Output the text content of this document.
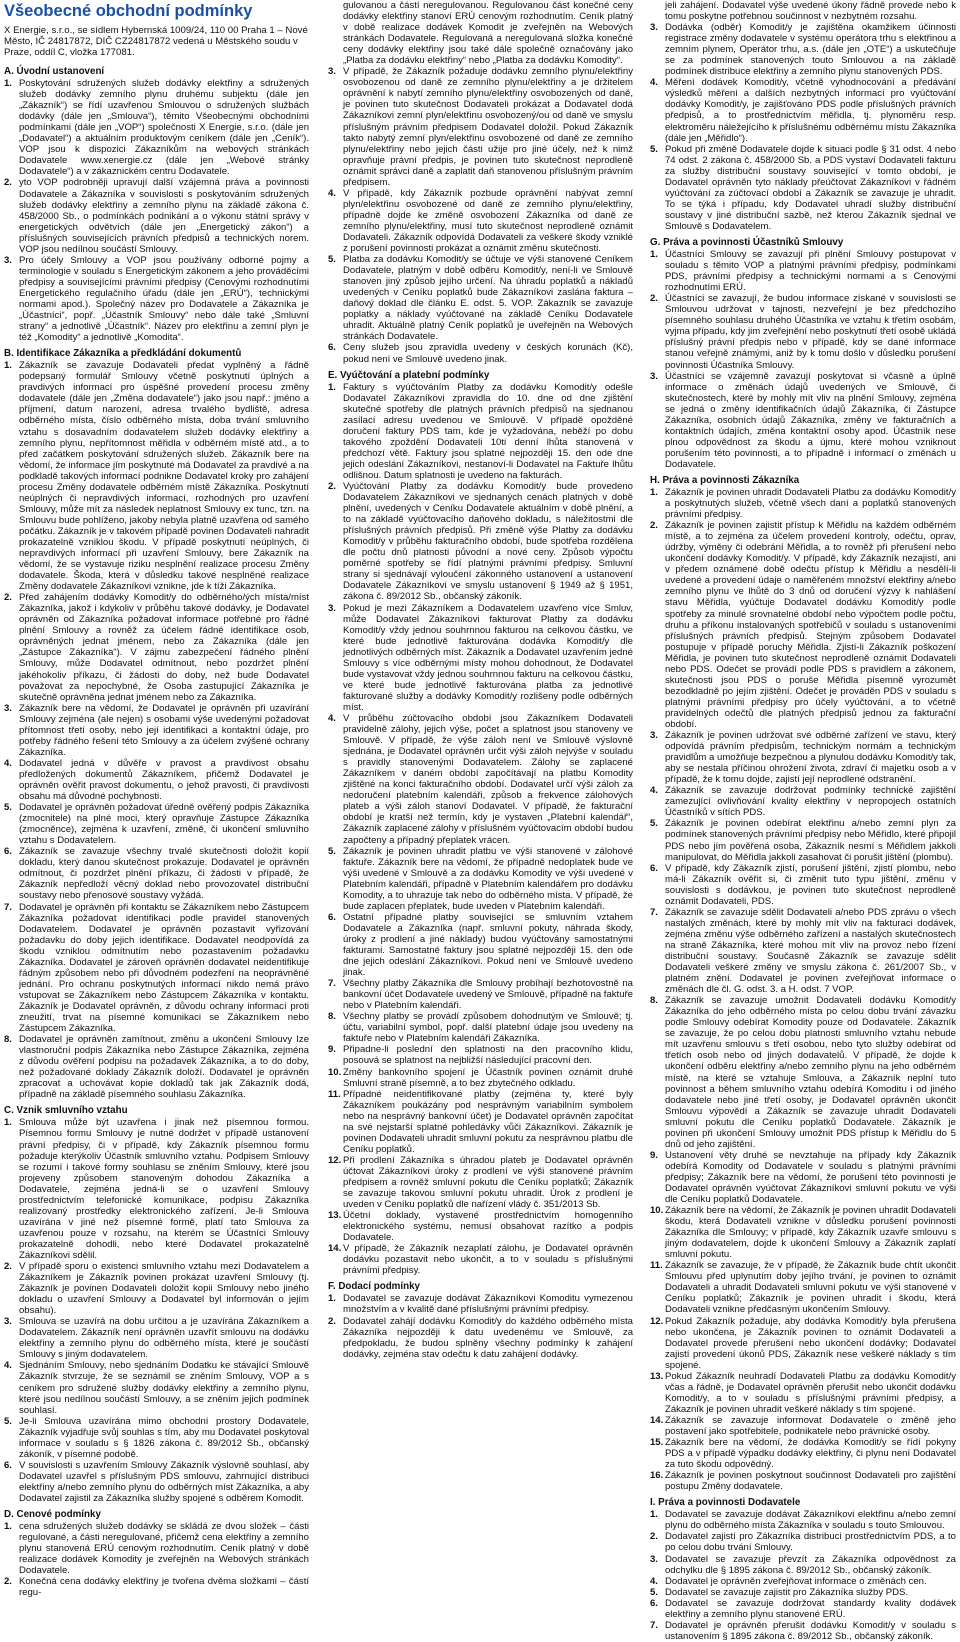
Všeobecné obchodní podmínky

X Energie, s.r.o., se sídlem Hybernská 1009/24, 110 00 Praha 1 – Nové Město, IČ 24817872, DIČ CZ24817872 vedená u Městského soudu v Praze, oddíl C, vložka 177081.

A. Úvodní ustanovení
1. Poskytování sdružených služeb dodávky elektřiny a sdružených služeb dodávky zemního plynu druhému subjektu (dále jen „Zákazník“) se řídí uzavřenou Smlouvou o sdružených službách dodávky (dále jen „Smlouva“), těmito Všeobecnými obchodními podmínkami (dále jen „VOP“) společnosti X Energie, s.r.o. (dále jen „Dodavatel“) a aktuálním produktovým ceníkem (dále jen „Ceník“). VOP jsou k dispozici Zákazníkům na webových stránkách Dodavatele www.xenergie.cz (dále jen „Webové stránky Dodavatele“) a v zákaznickém centru Dodavatele.
2. yto VOP podrobněji upravují další vzájemná práva a povinnosti Dodavatele a Zákazníka v souvislosti s poskytováním sdružených služeb dodávky elektřiny a zemního plynu na základě zákona č. 458/2000 Sb., o podmínkách podnikání a o výkonu státní správy v energetických odvětvích (dále jen „Energetický zákon“) a příslušných souvisejících právních předpisů a technických norem. VOP jsou nedílnou součástí Smlouvy.
3. Pro účely Smlouvy a VOP jsou používány odborné pojmy a terminologie v souladu s Energetickým zákonem a jeho prováděcími předpisy a souvisejícími právními předpisy (Cenovými rozhodnutími Energetického regulačního úřadu (dále jen „ERÚ“), technickými normami apod.). Společný název pro Dodavatele a Zákazníka je „Účastníci“, popř. „Účastník Smlouvy“ nebo dále také „Smluvní strany“ a jednotlivě „Účastník“. Název pro elektřinu a zemní plyn je též „Komodity“ a jednotlivě „Komodita“.
B. Identifikace Zákazníka a předkládání dokumentů
1. Zákazník se zavazuje Dodavateli předat vyplněný a řádně podepsaný formulář Smlouvy včetně poskytnutí úplných a pravdivých informací pro úspěšné provedení procesu změny dodavatele (dále jen „Změna dodavatele“) jako jsou např.: jméno a příjmení, datum narození, adresa trvalého bydliště, adresa odběrného místa, číslo odběrného místa, doba trvání smluvního vztahu s dosavadním dodavatelem služeb dodávky elektřiny a zemního plynu, nepřítomnost měřidla v odběrném místě atd., a to před začátkem poskytování sdružených služeb. Zákazník bere na vědomí, že informace jím poskytnuté má Dodavatel za pravdivé a na podkladě takových informací podnikne Dodavatel kroky pro zahájení procesu Změny dodavatele odběrném místě Zákazníka. Poskytnutí neúplných či nepravdivých informací, rozhodných pro uzavření Smlouvy, může mít za následek neplatnost Smlouvy ex tunc, tzn. na Smlouvu bude pohlíženo, jakoby nebyla platně uzavřena od samého počátku. Zákazník je v takovém případě povinen Dodavateli nahradit prokazatelně vzniklou škodu. V případě poskytnutí neúplných, či nepravdivých informací při uzavření Smlouvy, bere Zákazník na vědomí, že se vystavuje riziku nesplnění realizace procesu Změny dodavatele. Škoda, která v důsledku takové nesplněné realizace Změny dodavatele Zákazníkovi vznikne, jde k tíži Zákazníka.
2. Před zahájením dodávky Komodit/y do odběrného/ých místa/míst Zákazníka, jakož i kdykoliv v průběhu takové dodávky, je Dodavatel oprávněn od Zákazníka požadovat informace potřebné pro řádné plnění Smlouvy a rovněž za účelem řádné identifikace osob, oprávněných jednat jménem, nebo za Zákazníka (dále jen „Zástupce Zákazníka“). V zájmu zabezpečení řádného plnění Smlouvy, může Dodavatel odmítnout, nebo pozdržet plnění jakéhokoliv příkazu, či žádosti do doby, než bude Dodavatel považovat za nepochybné, že Osoba zastupující Zákazníka je skutečně oprávněna jednat jménem nebo za Zákazníka.
3. Zákazník bere na vědomí, že Dodavatel je oprávněn při uzavírání Smlouvy zejména (ale nejen) s osobami výše uvedenými požadovat přítomnost třetí osoby, nebo její identifikaci a kontaktní údaje, pro potřeby řádného řešení této Smlouvy a za účelem zvýšené ochrany Zákazníka.
4. Dodavatel jedná v důvěře v pravost a pravdivost obsahu předložených dokumentů Zákazníkem, přičemž Dodavatel je oprávněn ověřit pravost dokumentu, o jehož pravosti, či pravdivosti obsahu má důvodné pochybnosti.
5. Dodavatel je oprávněn požadovat úředně ověřený podpis Zákazníka (zmocnitele) na plné moci, který opravňuje Zástupce Zákazníka (zmocněnce), zejména k uzavření, změně, či ukončení smluvního vztahu s Dodavatelem.
6. Zákazník se zavazuje všechny trvalé skutečnosti doložit kopií dokladu, který danou skutečnost prokazuje. Dodavatel je oprávněn odmítnout, či pozdržet plnění příkazu, či žádosti v případě, že Zákazník nepředloží věcný doklad nebo provozovatel distribuční soustavy nebo přenosové soustavy vyžádá.
7. Dodavatel je oprávněn při kontaktu se Zákazníkem nebo Zástupcem Zákazníka požadovat identifikaci podle pravidel stanovených Dodavatelem. Dodavatel je oprávněn pozastavit vyřizování požadavku do doby jejich identifikace. Dodavatel neodpovídá za škodu vzniklou odmítnutím nebo pozastavením požadavku Zákazníka. Dodavatel je zároveň oprávněn dodavatel neidentifikuje řádným způsobem nebo při důvodném podezření na neoprávněné jednání. Pro ochranu poskytnutých informací nikdo nemá právo vstupovat se Zákazníkem nebo Zástupcem Zákazníka v kontaktu. Zákazník je Dodavatel oprávněn, z důvodu ochrany informací proti zneužití, trvat na písemné komunikaci se Zákazníkem nebo Zástupcem Zákazníka.
8. Dodavatel je oprávněn zamítnout, změnu a ukončení Smlouvy Ize vlastnoruční podpis Zákazníka nebo Zástupce Zákazníka, zejména z důvodu ověření podpisu na požadavek Zákazníka, a to do doby, než požadované doklady Zákazník doloží. Dodavatel je oprávněn zpracovat a uchovávat kopie dokladů tak jak Zákazník dodá, případně na základě písemného souhlasu Zákazníka.
C. Vznik smluvního vztahu
1. Smlouva může být uzavřena i jinak než písemnou formou. Písemnou formu Smlouvy je nutné dodržet v případě ustanovení právní předpisy, či v případě, kdy Zákazník písemnou formu požaduje kterýkoliv Účastník smluvního vztahu. Podpisem Smlouvy se rozumí i takové formy souhlasu se zněním Smlouvy, které jsou projeveny způsobem stanoveným dohodou Zákazníka a Dodavatele, zejména jedná-li se o uzavření Smlouvy prostřednictvím telefonické komunikace, podpisu Zákazníka realizovaný prostředky elektronického zařízení. Je-li Smlouva uzavírána v jiné než písemné formě, platí tato Smlouva za uzavřenou pouze v rozsahu, na kterém se Účastníci Smlouvy prokazatelně dohodli, nebo které Dodavatel prokazatelně Zákazníkovi sdělil.
2. V případě sporu o existenci smluvního vztahu mezi Dodavatelem a Zákazníkem je Zákazník povinen prokázat uzavření Smlouvy (tj. Zákazník je povinen Dodavateli doložit kopii Smlouvy nebo jiného dokladu o uzavření Smlouvy a Dodavatel byl informován o jejím obsahu).
3. Smlouva se uzavírá na dobu určitou a je uzavírána Zákazníkem a Dodavatelem. Zákazník není oprávněn uzavřít smlouvu na dodávku elektřiny a zemního plynu do odběrného místa, které je součástí Smlouvy s jiným dodavatelem.
4. Sjednáním Smlouvy, nebo sjednáním Dodatku ke stávající Smlouvě Zákazník stvrzuje, že se seznámil se zněním Smlouvy, VOP a s ceníkem pro sdružené služby dodávky elektřiny a zemního plynu, které jsou nedílnou součástí Smlouvy, a se zněním jejich podmínek souhlasí.
5. Je-li Smlouva uzavírána mimo obchodní prostory Dodavatele, Zákazník vyjadřuje svůj souhlas s tím, aby mu Dodavatel poskytoval informace v souladu s § 1826 zákona č. 89/2012 Sb., občanský zákoník, v písemné podobě.
6. V souvislosti s uzavřením Smlouvy Zákazník výslovně souhlasí, aby Dodavatel uzavřel s příslušným PDS smlouvu, zahrnující distribuci elektřiny a/nebo zemního plynu do odběrných míst Zákazníka, a aby Dodavatel zajistil za Zákazníka služby spojené s odběrem Komodit.
D. Cenové podmínky
1. cena sdružených služeb dodávky se skládá ze dvou složek – části regulované, a části neregulované, přičemž cena elektřiny a zemního plynu stanovená ERÚ cenovým rozhodnutím. Ceník platný v době realizace dodávek Komodity je zveřejněn na Webových stránkách Dodavatele.
2. Konečná cena dodávky elektřiny je tvořena dvěma složkami – částí regu-

gulovanou a částí neregulovanou. Regulovanou část konečné ceny dodávky elektřiny stanoví ERÚ cenovým rozhodnutím. Ceník platný v době realizace dodávek Komodit je zveřejněn na Webových stránkách Dodavatele. Regulovaná a neregulovaná složka konečné ceny dodávky elektřiny jsou také dále společně označovány jako „Platba za dodávku elektřiny“ nebo „Platba za dodávku Komodity“.

3. V případě, že Zákazník požaduje dodávku zemního plynu/elektřiny osvobozenou od daně ze zemního plynu/elektřiny a je držitelem oprávnění k nabytí zemního plynu/elektřiny osvobozených od daně, je povinen tuto skutečnost Dodavateli prokázat a Dodavatel dodá Zákazníkovi zemní plyn/elektřinu osvobozený/ou od daně ve smyslu příslušným právním předpisem Dodavatel doložil. Pokud Zákazník takto nabytý zemní plyn/elektřinu osvobozené od daně ze zemního plynu/elektřiny nebo jejich části užije pro jiné účely, než k nimž opravňuje právní předpis, je povinen tuto skutečnost neprodleně oznámit správci daně a zaplatit daň stanovenou příslušným právním předpisem.
4. V případě, kdy Zákazník pozbude oprávnění nabývat zemní plyn/elektřinu osvobozené od daně ze zemního plynu/elektřiny, případně dojde ke změně osvobození Zákazníka od daně ze zemního plynu/elektřiny, musí tuto skutečnost neprodleně oznámit Dodavateli. Zákazník odpovídá Dodavateli za veškeré škody vzniklé z porušení povinnosti prokázat a oznámit změnu skutečnosti.
5. Platba za dodávku Komodit/y se účtuje ve výši stanovené Ceníkem Dodavatele, platným v době odběru Komodit/y, není-li ve Smlouvě stanoven jiný způsob jejího určení. Na úhradu poplatků a nákladů uvedených v Ceníku poplatků bude Zákazníkovi zaslána faktura – daňový doklad dle článku E. odst. 5. VOP. Zákazník se zavazuje poplatky a náklady vyúčtované na základě Ceníku Dodavatele uhradit. Aktuálně platný Ceník poplatků je uveřejněn na Webových stránkách Dodavatele.
6. Ceny služeb jsou zpravidla uvedeny v českých korunách (Kč), pokud není ve Smlouvě uvedeno jinak.
E. Vyúčtování a platební podmínky
1. Faktury s vyúčtováním Platby za dodávku Komodit/y odešle Dodavatel Zákazníkovi zpravidla do 10. dne od dne zjištění skutečné spotřeby dle platných právních předpisů na sjednanou zasílací adresu uvedenou ve Smlouvě. V případě opožděné doručení faktury PDS tam, kde je vyžadována, neběží po dobu takového zpoždění Dodavateli 10ti denní lhůta stanovená v předchozí větě. Faktury jsou splatné nejpozději 15. den ode dne jejich odeslání Zákazníkovi, nestanoví-li Dodavatel na Faktuře lhůtu odlišnou. Datum splatnosti je uvedeno na fakturách.
2. Vyúčtování Platby za dodávku Komodit/y bude provedeno Dodavatelem Zákazníkovi ve sjednaných cenách platných v době plnění, uvedených v Ceníku Dodavatele aktuálním v době plnění, a to na základě vyúčtovacího daňového dokladu, s náležitostmi dle příslušných právních předpisů. Při změně výše Platby za dodávku Komodit/y v průběhu fakturačního období, bude spotřeba rozdělena dle počtu dnů platnosti původní a nové ceny. Způsob výpočtu poměrné spotřeby se řídí platnými právními předpisy. Smluvní strany si sjednávají vyloučení zákonného ustanovení a ustanovení Dodavatele Zákazníkovi ve smyslu ustanovení § 1949 až § 1951, zákona č. 89/2012 Sb., občanský zákoník.
3. Pokud je mezi Zákazníkem a Dodavatelem uzavřeno více Smluv, může Dodavatel Zákazníkovi fakturovat Platby za dodávku Komodit/y vždy jednou souhrnnou fakturou na celkovou částku, ve které bude jednotlivě fakturována dodávka Komodit/y dle jednotlivých odběrných míst. Zákazník a Dodavatel uzavřením jedné Smlouvy s více odběrnými místy mohou dohodnout, že Dodavatel bude vystavovat vždy jednou souhrnnou fakturu na celkovou částku, ve které bude jednotlivě fakturována platba za jednotlivé fakturované služby a dodávky Komodit/y rozlišeny podle odběrných míst.
4. V průběhu zúčtovacího období jsou Zákazníkem Dodavateli pravidelně zálohy, jejich výše, počet a splatnost jsou stanoveny ve Smlouvě. V případě, že výše záloh není ve Smlouvě výslovně sjednána, je Dodavatel oprávněn určit výši záloh nejvýše v souladu s pravidly stanovenými Dodavatelem. Zálohy se zaplacené Zákazníkem v daném období započítávají na platbu Komodity zjištěné na konci fakturačního období. Dodavatel určí výši záloh za nedoručení platebním kalendáři, způsob a frekvence zálohových plateb a výši záloh stanoví Dodavatel. V případě, že fakturační období je kratší než termín, kdy je vystaven „Platební kalendář“, Zákazník zaplacené zálohy v příslušném vyúčtovacím období budou započteny a případný přeplatek vrácen.
5. Zákazník je povinen uhradit platbu ve výši stanovené v zálohové faktuře. Zákazník bere na vědomí, že případně nedoplatek bude ve výši uvedené v Smlouvě a za dodávku Komodity ve výši uvedené v Platebním kalendáři, případně v Platebním kalendářem pro dodávku Komodity, a to uhrazuje tak nebo do odběrného místa. V případě, že bude zaplacen přeplatek, bude uveden v Platebním kalendáři.
6. Ostatní případné platby související se smluvním vztahem Dodavatele a Zákazníka (např. smluvní pokuty, náhrada škody, úroky z prodlení a jiné náklady) budou vyúčtovány samostatnými fakturami. Samostatné faktury jsou splatné nejpozději 15. den ode dne jejich odeslání Zákazníkovi. Pokud není ve Smlouvě uvedeno jinak.
7. Všechny platby Zákazníka dle Smlouvy probíhají bezhotovostně na bankovní účet Dodavatele uvedený ve Smlouvě, případně na faktuře nebo v Platebním kalendáři.
8. Všechny platby se provádí způsobem dohodnutým ve Smlouvě; tj. účtu, variabilní symbol, popř. další platební údaje jsou uvedeny na faktuře nebo v Platebním kalendáři Zákazníka.
9. Připadne-li poslední den splatnosti na den pracovního klidu, posouvá se splatnost na nejbližší následující pracovní den.
10. Změny bankovního spojení je Účastník povinen oznámit druhé Smluvní straně písemně, a to bez zbytečného odkladu.
11. Případné neidentifikované platby (zejména ty, které byly Zákazníkem poukázány pod nesprávným variabilním symbolem nebo na nesprávný bankovní účet) je Dodavatel oprávněn započítat na své nejstarší splatné pohledávky vůči Zákazníkovi. Zákazník je povinen Dodavateli uhradit smluvní pokutu za nesprávnou platbu dle Ceníku poplatků.
12. Při prodlení Zákazníka s úhradou plateb je Dodavatel oprávněn účtovat Zákazníkovi úroky z prodlení ve výši stanovené právním předpisem a rovněž smluvní pokutu dle Ceníku poplatků; Zákazník se zavazuje takovou smluvní pokutu uhradit. Úrok z prodlení je uveden v Ceníku poplatků dle nařízení vlády č. 351/2013 Sb.
13. Účetní doklady, vystavené prostřednictvím homogenního elektronického systému, nemusí obsahovat razítko a podpis Dodavatele.
14. V případě, že Zákazník nezaplatí zálohu, je Dodavatel oprávněn dodávku pozastavit nebo ukončit, a to v souladu s příslušnými právními předpisy.
F. Dodací podmínky
1. Dodavatel se zavazuje dodávat Zákazníkovi Komoditu vymezenou množstvím a v kvalitě dané příslušnými právními předpisy.
2. Dodavatel zahájí dodávku Komodit/y do každého odběrného místa Zákazníka nejpozději k datu uvedenému ve Smlouvě, za předpokladu, že budou splněny všechny podmínky k zahájení dodávky, zejména stav odečtu k datu zahájení dodávky.

jeli zahájení. Dodavatel výše uvedené úkony řádně provede nebo k tomu poskytne potřebnou součinnost v nezbytném rozsahu.

3. Dodávka (odběr) Komodit/y je zajištěna okamžikem účinnosti registrace změny dodavatele v systému operátora trhu s elektřinou a zemním plynem, Operátor trhu, a.s. (dále jen „OTE“) a uskutečňuje se za podmínek stanovených touto Smlouvou a na základě podmínek distribuce elektřiny a zemního plynu stanovených PDS.
4. Měření dodávek Komodit/y, včetně vyhodnocování a předávání výsledků měření a dalších nezbytných informací pro vyúčtování dodávky Komodit/y, je zajišťováno PDS podle příslušných právních předpisů, a to prostřednictvím měřidla, tj. plynoměru resp. elektroměru náležejícího k příslušnému odběrnému místu Zákazníka (dále jen „Měřidlo“).
5. Pokud při změně Dodavatele dojde k situaci podle § 31 odst. 4 nebo 74 odst. 2 zákona č. 458/2000 Sb. a PDS vystaví Dodavateli fakturu za služby distribuční soustavy související v tomto období, je Dodavatel oprávněn tyto náklady přeúčtovat Zákazníkovi v řádném vyúčtování za zúčtovací období a Zákazník se zavazuje je uhradit. To se týká i případu, kdy Dodavatel uhradí služby distribuční soustavy v jiné distribuční sazbě, než kterou Zákazník sjednal ve Smlouvě s Dodavatelem.
G. Práva a povinnosti Účastníků Smlouvy
1. Účastníci Smlouvy se zavazují při plnění Smlouvy postupovat v souladu s těmito VOP a platnými právními předpisy, podmínkami PDS, právními předpisy a technickými normami a s Cenovými rozhodnutími ERÚ.
2. Účastníci se zavazují, že budou informace získané v souvislosti se Smlouvou udržovat v tajnosti, nezveřejní je bez předchozího písemného souhlasu druhého Účastníka ve vztahu k třetím osobám, vyjma případu, kdy jim zveřejnění nebo poskytnutí třetí osobě ukládá příslušný právní předpis nebo v případě, kdy se dané informace stanou veřejně známými, aniž by k tomu došlo v důsledku porušení povinnosti Účastníka Smlouvy.
3. Účastníci se vzájemně zavazují poskytovat si včasně a úplně informace o změnách údajů uvedených ve Smlouvě, či skutečnostech, které by mohly mít vliv na plnění Smlouvy, zejména se jedná o změny identifikačních údajů Zákazníka, či Zástupce Zákazníka, osobních údajů Zákazníka, změny ve fakturačních a kontaktních údajích, změna kontaktní osoby apod. Účastník nese plnou odpovědnost za škodu a újmu, které mohou vzniknout porušením této povinnosti, a to případně i informací o změnách u Dodavatele.
H. Práva a povinnosti Zákazníka
1. Zákazník je povinen uhradit Dodavateli Platbu za dodávku Komodit/y a poskytnutých služeb, včetně všech daní a poplatků stanovených právními předpisy.
2. Zákazník je povinen zajistit přístup k Měřidlu na každém odběrném místě, a to zejména za účelem provedení kontroly, odečtu, oprav, údržby, výměny či odebrání Měřidla, a to rovněž při přerušení nebo ukončení dodávky Komodit/y. V případě, kdy Zákazník nezajistí, ani v předem oznámené době odečtu přístup k Měřidlu a nesdělí-li uvedené a provedení údaje o naměřeném množství elektřiny a/nebo zemního plynu ve lhůtě do 3 dnů od doručení výzvy k nahlášení stavu Měřidla, vyúčtuje Dodavatel dodávku Komodit/y podle spotřeby za minulé srovnatelné období nebo výpočtem podle počtu, druhu a příkonu instalovaných spotřebičů v souladu s ustanoveními příslušných právních předpisů. Stejným způsobem Dodavatel postupuje v případě poruchy Měřidla. Zjistí-li Zákazník poškození Měřidla, je povinen tuto skutečnost neprodleně oznámit Dodavateli nebo PDS. Odečet se provádí podle PDS s pravidlem a zákonem, skutečnosti jsou PDS o poruše Měřidla písemně vyrozumět bezodkladně po jejím zjištění. Odečet je prováděn PDS v souladu s platnými právními předpisy pro účely vyúčtování, a to včetně pravidelných odečtů dle platných předpisů jednou za fakturační období.
3. Zákazník je povinen udržovat své odběrné zařízení ve stavu, který odpovídá právním předpisům, technickým normám a technickým pravidlům a umožňuje bezpečnou a plynulou dodávku Komodit/y tak, aby se nestala příčinou ohrožení života, zdraví či majetku osob a v případě, že k tomu dojde, zajistí její neprodlené odstranění.
4. Zákazník se zavazuje dodržovat podmínky technické zajištění zamezující ovlivňování kvality elektřiny v nepropojech ostatních Účastníků v sítích PDS.
5. Zákazník je povinen odebírat elektřinu a/nebo zemní plyn za podmínek stanovených právními předpisy nebo Měřidlo, které připojil PDS nebo jím pověřená osoba, Zákazník nesmí s Měřidlem jakkoli manipulovat, do Měřidla jakkoli zasahovat či porušit jištění (plombu).
6. V případě, kdy Zákazník zjistí, porušení jištění, zjistí plombu, nebo má-li Zákazník ověřit si, či změnit tuto typu jištění, změnu v souvislosti s dodávkou, je povinen tuto skutečnost neprodleně oznámit Dodavateli, PDS.
7. Zákazník se zavazuje sdělit Dodavateli a/nebo PDS zprávu o všech nastalých změnách, které by mohly mít vliv na fakturaci dodávek, zejména změnu výše odběrného zařízení a nastalých skutečnostech na straně Zákazníka, které mohou mít vliv na provoz nebo řízení distribuční soustavy. Současně Zákazník se zavazuje sdělit Dodavateli veškeré změny ve smyslu zákona č. 261/2007 Sb., v platném znění. Dodavatel je povinen zveřejňovat informace o změnách dle čl. G. odst. 3. a H. odst. 7 VOP.
8. Zákazník se zavazuje umožnit Dodavateli dodávku Komodit/y Zákazníka do jeho odběrného místa po celou dobu trvání závazku podle Smlouvy odebírat Komodity pouze od Dodavatele. Zákazník se zavazuje, že po celou dobu platnosti smluvního vztahu nebude mít uzavřenu smlouvu s třetí osobou, nebo tyto služby odebírat od třetích osob nebo od jiných dodavatelů. V případě, že dojde k ukončení odběru elektřiny a/nebo zemního plynu na jeho odběrném místě, na které se vztahuje Smlouva, a Zákazník neplní tuto povinnost a během smluvního vztahu odebírá Komoditu i od jiného dodavatele nebo jiné třetí osoby, je Dodavatel oprávněn ukončit Smlouvu výpovědí a Zákazník se zavazuje uhradit Dodavateli smluvní pokutu dle Ceníku poplatků Dodavatele. Zákazník je povinen při ukončení Smlouvy umožnit PDS přístup k Měřidlu do 5 dnů od jeho zajištění.
9. Ustanovení věty druhé se nevztahuje na případy kdy Zákazník odebírá Komodity od Dodavatele v souladu s platnými právními předpisy; Zákazník bere na vědomí, že porušení této povinnosti je Dodavatel oprávněn vyúčtovat Zákazníkovi smluvní pokutu ve výši dle Ceníku poplatků Dodavatele.
10. Zákazník bere na vědomí, že Zákazník je povinen uhradit Dodavateli škodu, která Dodavateli vznikne v důsledku porušení povinnosti Zákazníka dle Smlouvy; v případě, kdy Zákazník uzavře smlouvu s jiným dodavatelem, dojde k ukončení Smlouvy a Zákazník zaplatí smluvní pokutu.
11. Zákazník se zavazuje, že v případě, že Zákazník bude chtít ukončit Smlouvu před uplynutím doby jejího trvání, je povinen to oznámit Dodavateli a uhradit Dodavateli smluvní pokutu ve výši stanovené v Ceníku poplatků; Zákazník je povinen uhradit i škodu, která Dodavateli vznikne předčasným ukončením Smlouvy.
12. Pokud Zákazník požaduje, aby dodávka Komodit/y byla přerušena nebo ukončena, je Zákazník povinen to oznámit Dodavateli a Dodavatel provede přerušení nebo ukončení dodávky; Dodavatel zajistí provedení úkonů PDS, Zákazník nese veškeré náklady s tím spojené.
13. Pokud Zákazník neuhradí Dodavateli Platbu za dodávku Komodit/y včas a řádně, je Dodavatel oprávněn přerušit nebo ukončit dodávku Komodit/y, a to v souladu s příslušnými právními předpisy, a Zákazník je povinen uhradit veškeré náklady s tím spojené.
14. Zákazník se zavazuje informovat Dodavatele o změně jeho postavení jako spotřebitele, podnikatele nebo právnické osoby.
15. Zákazník bere na vědomí, že dodávka Komodit/y se řídí pokyny PDS a v případě výpadku dodávky elektřiny, či plynu není Dodavatel za tuto škodu odpovědný.
16. Zákazník je povinen poskytnout součinnost Dodavateli pro zajištění postupu Změny dodavatele.
I. Práva a povinnosti Dodavatele
1. Dodavatel se zavazuje dodávat Zákazníkovi elektřinu a/nebo zemní plynu do odběrného místa Zákazníka v souladu s touto Smlouvou.
2. Dodavatel zajistí pro Zákazníka distribuci prostřednictvím PDS, a to po celou dobu trvání Smlouvy.
3. Dodavatel se zavazuje převzít za Zákazníka odpovědnost za odchylku dle § 1895 zákona č. 89/2012 Sb., občanský zákoník.
4. Dodavatel je oprávněn zveřejňovat informace o změnách cen.
5. Dodavatel se zavazuje zajistit pro Zákazníka služby PDS.
6. Dodavatel se zavazuje dodržovat standardy kvality dodávek elektřiny a zemního plynu stanovené ERÚ.
7. Dodavatel je oprávněn přerušit dodávku Komodit/y v souladu s ustanovením § 1895 zákona č. 89/2012 Sb., občanský zákoník.
